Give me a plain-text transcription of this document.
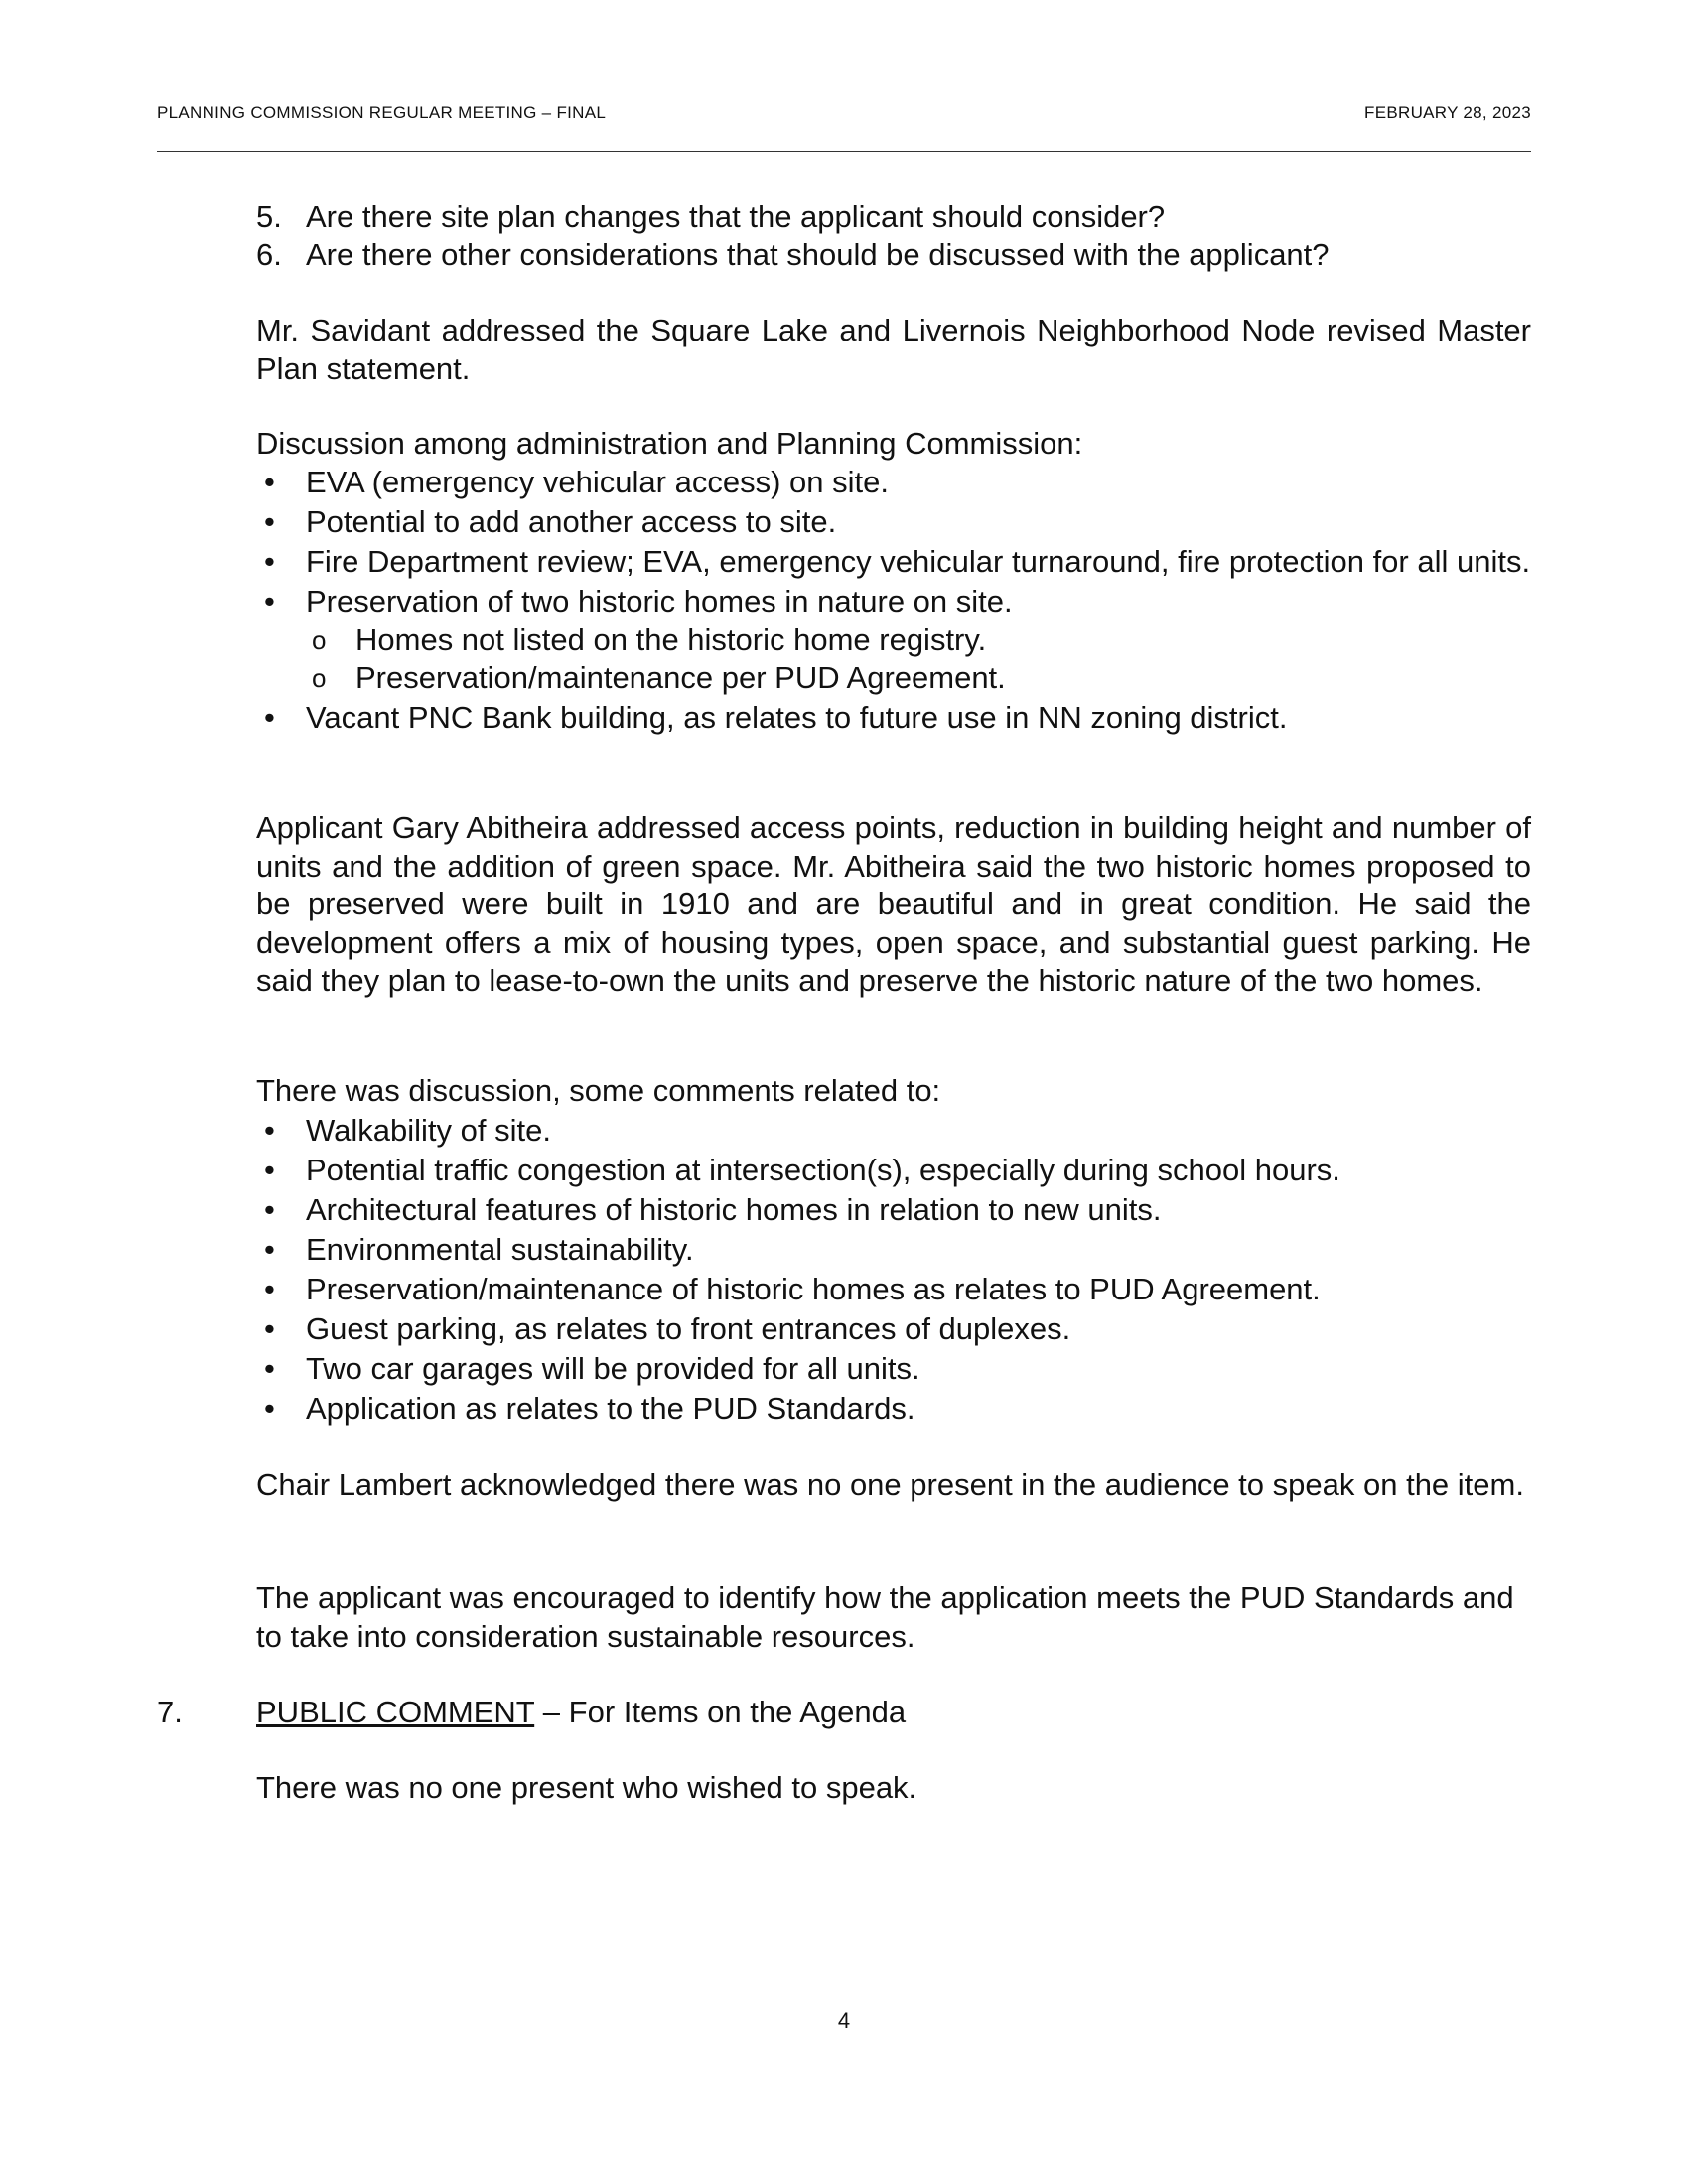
PLANNING COMMISSION REGULAR MEETING – FINAL	FEBRUARY 28, 2023
5. Are there site plan changes that the applicant should consider?
6. Are there other considerations that should be discussed with the applicant?
Mr. Savidant addressed the Square Lake and Livernois Neighborhood Node revised Master Plan statement.
Discussion among administration and Planning Commission:
• EVA (emergency vehicular access) on site.
• Potential to add another access to site.
• Fire Department review; EVA, emergency vehicular turnaround, fire protection for all units.
• Preservation of two historic homes in nature on site.
o Homes not listed on the historic home registry.
o Preservation/maintenance per PUD Agreement.
• Vacant PNC Bank building, as relates to future use in NN zoning district.
Applicant Gary Abitheira addressed access points, reduction in building height and number of units and the addition of green space. Mr. Abitheira said the two historic homes proposed to be preserved were built in 1910 and are beautiful and in great condition. He said the development offers a mix of housing types, open space, and substantial guest parking. He said they plan to lease-to-own the units and preserve the historic nature of the two homes.
There was discussion, some comments related to:
• Walkability of site.
• Potential traffic congestion at intersection(s), especially during school hours.
• Architectural features of historic homes in relation to new units.
• Environmental sustainability.
• Preservation/maintenance of historic homes as relates to PUD Agreement.
• Guest parking, as relates to front entrances of duplexes.
• Two car garages will be provided for all units.
• Application as relates to the PUD Standards.
Chair Lambert acknowledged there was no one present in the audience to speak on the item.
The applicant was encouraged to identify how the application meets the PUD Standards and to take into consideration sustainable resources.
7. PUBLIC COMMENT – For Items on the Agenda
There was no one present who wished to speak.
4
